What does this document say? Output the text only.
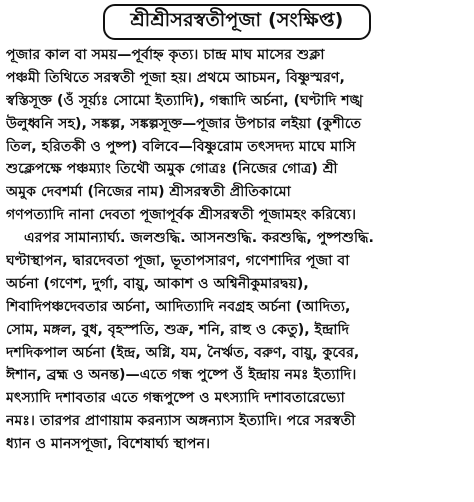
শ্রীশ্রীসরস্বতীপূজা (সংক্ষিপ্ত)
পূজার কাল বা সময়—পূর্বাহ্ন কৃত্য। চান্দ্র মাঘ মাসের শুক্লা
পঞ্চমী তিথিতে সরস্বতী পূজা হয়। প্রথমে আচমন, বিষ্ণুস্মরণ,
স্বস্তিসূক্ত (ওঁ সূর্য়্যঃ সোমো ইত্যাদি), গন্ধাদি অর্চনা, (ঘণ্টাদি শঙ্খ
উলুধ্বনি সহ), সঙ্কল্প, সঙ্কল্পসূক্ত—পূজার উপচার লইয়া (কুশীতে
তিল, হরিতকী ও পুষ্প) বলিবে—বিষ্ণুরোম তৎসদদ্য মাঘে মাসি
শুক্লেপক্ষে পঞ্চম্যাং তিথৌ অমুক গোত্রঃ (নিজের গোত্র) শ্রী
অমুক দেবশর্মা (নিজের নাম) শ্রীসরস্বতী প্রীতিকামো
গণপত্যাদি নানা দেবতা পূজাপূর্বক শ্রীসরস্বতী পূজামহং করিষ্যে।
এরপর সামান্যার্ঘ্য. জলশুদ্ধি. আসনশুদ্ধি. করশুদ্ধি, পুষ্পশুদ্ধি.
ঘণ্টাস্থাপন, দ্বারদেবতা পূজা, ভূতাপসারণ, গণেশাদির পূজা বা
অর্চনা (গণেশ, দুর্গা, বায়ু, আকাশ ও অশ্বিনীকুমারদ্বয়),
শিবাদিপঞ্চদেবতার অর্চনা, আদিত্যাদি নবগ্রহ অর্চনা (আদিত্য,
সোম, মঙ্গল, বুধ, বৃহস্পতি, শুক্র, শনি, রাহু ও কেতু), ইন্দ্রাদি
দশদিকপাল অর্চনা (ইন্দ্র, অগ্নি, যম, নৈর্ঋত, বরুণ, বায়ু, কুবের,
ঈশান, ব্রহ্ম ও অনন্ত)—এতে গন্ধ পুষ্পে ওঁ ইন্দ্রায় নমঃ ইত্যাদি।
মৎস্যাদি দশাবতার এতে গন্ধপুষ্পে ও মৎস্যাদি দশাবতারেভ্যো
নমঃ। তারপর প্রাণায়াম করন্যাস অঙ্গন্যাস ইত্যাদি। পরে সরস্বতী
ধ্যান ও মানসপূজা, বিশেষার্ঘ্য স্থাপন।
